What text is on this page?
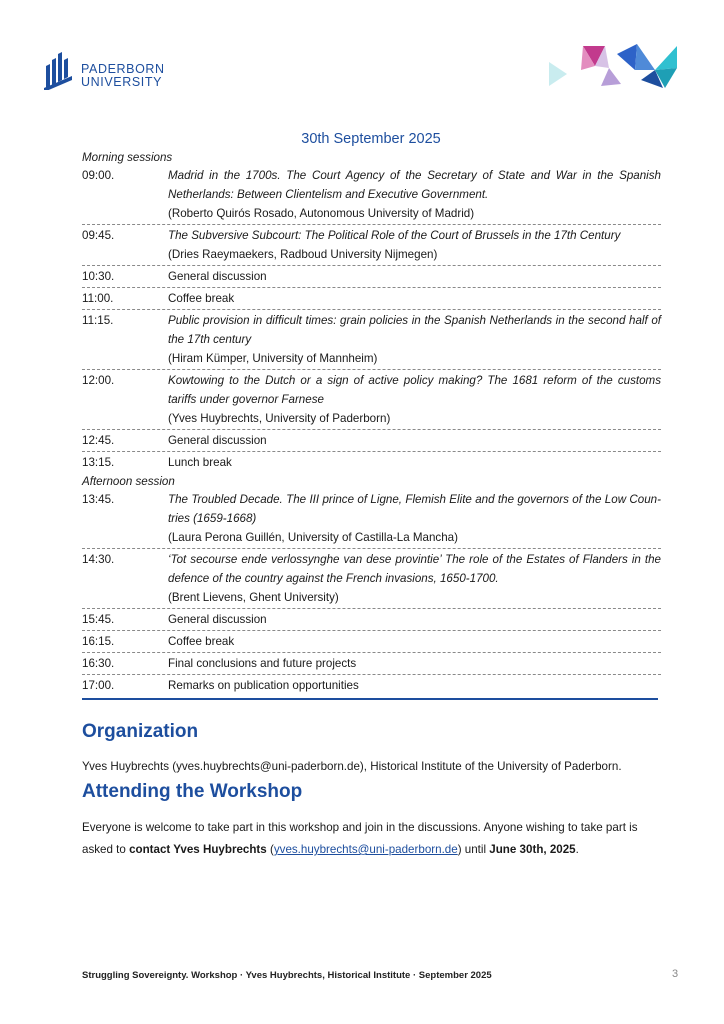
PADERBORN
UNIVERSITY
30th September 2025
Morning sessions
09:00.	Madrid in the 1700s. The Court Agency of the Secretary of State and War in the Spanish Netherlands: Between Clientelism and Executive Government.
(Roberto Quirós Rosado, Autonomous University of Madrid)
09:45.	The Subversive Subcourt: The Political Role of the Court of Brussels in the 17th Century
(Dries Raeymaekers, Radboud University Nijmegen)
10:30.	General discussion
11:00.	Coffee break
11:15.	Public provision in difficult times: grain policies in the Spanish Netherlands in the second half of the 17th century
(Hiram Kümper, University of Mannheim)
12:00.	Kowtowing to the Dutch or a sign of active policy making? The 1681 reform of the customs tariffs under governor Farnese
(Yves Huybrechts, University of Paderborn)
12:45.	General discussion
13:15.	Lunch break
Afternoon session
13:45.	The Troubled Decade. The III prince of Ligne, Flemish Elite and the governors of the Low Coun-tries (1659-1668)
(Laura Perona Guillén, University of Castilla-La Mancha)
14:30.	‘Tot secourse ende verlossynghe van dese provintie’ The role of the Estates of Flanders in the defence of the country against the French invasions, 1650-1700.
(Brent Lievens, Ghent University)
15:45.	General discussion
16:15.	Coffee break
16:30.	Final conclusions and future projects
17:00.	Remarks on publication opportunities
Organization
Yves Huybrechts (yves.huybrechts@uni-paderborn.de), Historical Institute of the University of Paderborn.
Attending the Workshop
Everyone is welcome to take part in this workshop and join in the discussions. Anyone wishing to take part is
asked to contact Yves Huybrechts (yves.huybrechts@uni-paderborn.de) until June 30th, 2025.
Struggling Sovereignty. Workshop · Yves Huybrechts, Historical Institute · September 2025	3
